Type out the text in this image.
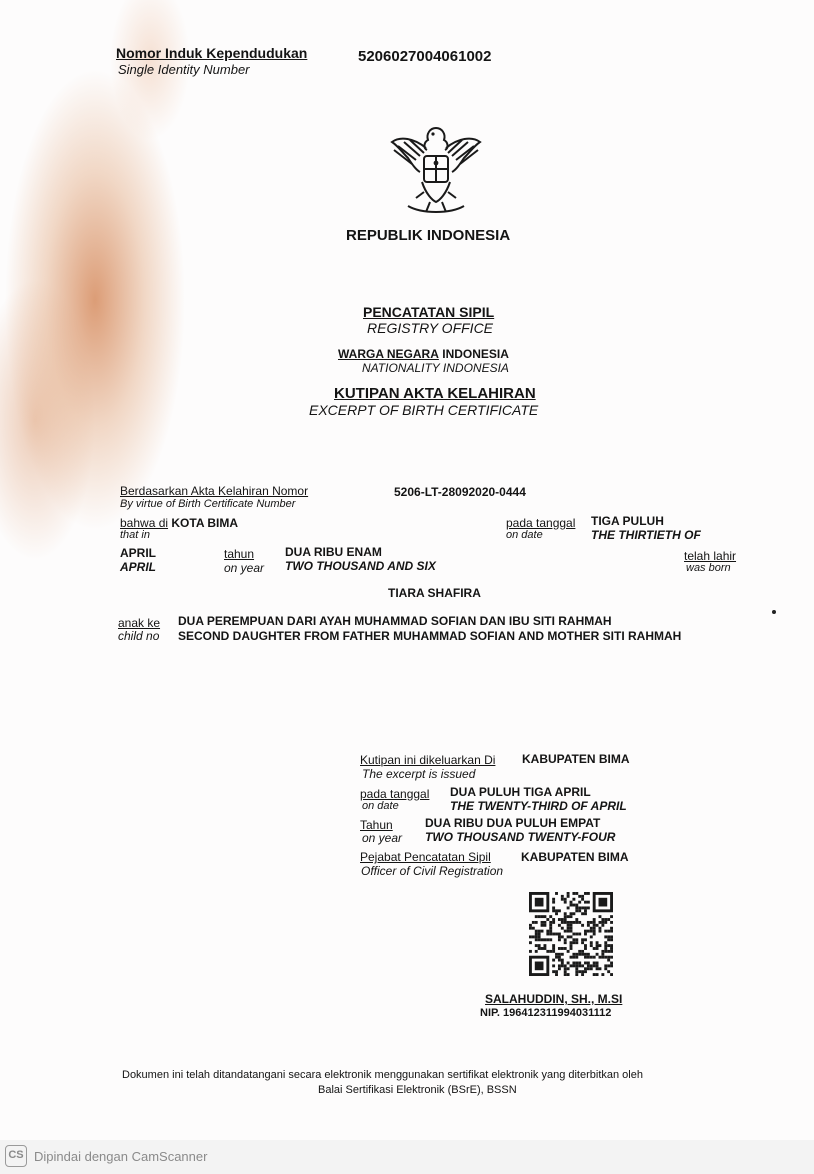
Nomor Induk Kependudukan
Single Identity Number
5206027004061002
REPUBLIK INDONESIA
PENCATATAN SIPIL
REGISTRY OFFICE
WARGA NEGARA INDONESIA
NATIONALITY INDONESIA
KUTIPAN AKTA KELAHIRAN
EXCERPT OF BIRTH CERTIFICATE
Berdasarkan Akta Kelahiran Nomor
By virtue of Birth Certificate Number
5206-LT-28092020-0444
bahwa di KOTA BIMA
that in
pada tanggal
on date
TIGA PULUH
THE THIRTIETH OF
APRIL
APRIL
tahun
on year
DUA RIBU ENAM
TWO THOUSAND AND SIX
telah lahir
was born
TIARA SHAFIRA
anak ke
child no
DUA PEREMPUAN DARI AYAH MUHAMMAD SOFIAN DAN IBU SITI RAHMAH
SECOND DAUGHTER FROM FATHER MUHAMMAD SOFIAN AND MOTHER SITI RAHMAH
Kutipan ini dikeluarkan Di
The excerpt is issued
KABUPATEN BIMA
pada tanggal
on date
DUA PULUH TIGA APRIL
THE TWENTY-THIRD OF APRIL
Tahun
on year
DUA RIBU DUA PULUH EMPAT
TWO THOUSAND TWENTY-FOUR
Pejabat Pencatatan Sipil
Officer of Civil Registration
KABUPATEN BIMA
SALAHUDDIN, SH., M.SI
NIP. 196412311994031112
Dokumen ini telah ditandatangani secara elektronik menggunakan sertifikat elektronik yang diterbitkan oleh
Balai Sertifikasi Elektronik (BSrE), BSSN
CS Dipindai dengan CamScanner
